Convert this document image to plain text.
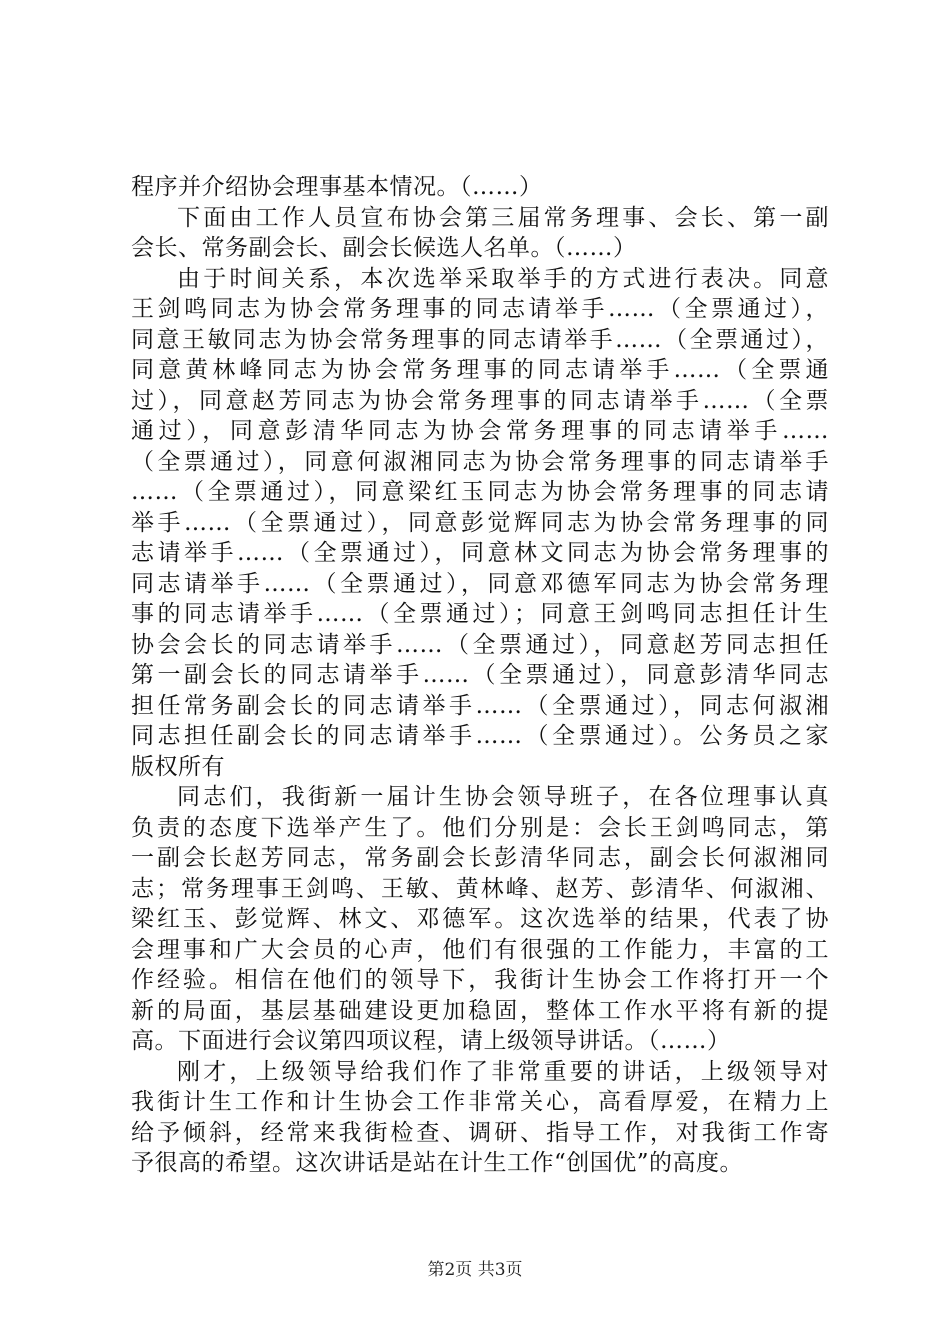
程序并介绍协会理事基本情况。（……）
下面由工作人员宣布协会第三届常务理事、会长、第一副
会长、常务副会长、副会长候选人名单。（……）
由于时间关系，本次选举采取举手的方式进行表决。同意
王剑鸣同志为协会常务理事的同志请举手……（全票通过），
同意王敏同志为协会常务理事的同志请举手……（全票通过），
同意黄林峰同志为协会常务理事的同志请举手……（全票通
过），同意赵芳同志为协会常务理事的同志请举手……（全票
通过），同意彭清华同志为协会常务理事的同志请举手……
（全票通过），同意何淑湘同志为协会常务理事的同志请举手
……（全票通过），同意梁红玉同志为协会常务理事的同志请
举手……（全票通过），同意彭觉辉同志为协会常务理事的同
志请举手……（全票通过），同意林文同志为协会常务理事的
同志请举手……（全票通过），同意邓德军同志为协会常务理
事的同志请举手……（全票通过）；同意王剑鸣同志担任计生
协会会长的同志请举手……（全票通过），同意赵芳同志担任
第一副会长的同志请举手……（全票通过），同意彭清华同志
担任常务副会长的同志请举手……（全票通过），同志何淑湘
同志担任副会长的同志请举手……（全票通过）。公务员之家
版权所有
同志们，我街新一届计生协会领导班子，在各位理事认真
负责的态度下选举产生了。他们分别是：会长王剑鸣同志，第
一副会长赵芳同志，常务副会长彭清华同志，副会长何淑湘同
志；常务理事王剑鸣、王敏、黄林峰、赵芳、彭清华、何淑湘、
梁红玉、彭觉辉、林文、邓德军。这次选举的结果，代表了协
会理事和广大会员的心声，他们有很强的工作能力，丰富的工
作经验。相信在他们的领导下，我街计生协会工作将打开一个
新的局面，基层基础建设更加稳固，整体工作水平将有新的提
高。下面进行会议第四项议程，请上级领导讲话。（……）
刚才，上级领导给我们作了非常重要的讲话，上级领导对
我街计生工作和计生协会工作非常关心，高看厚爱，在精力上
给予倾斜，经常来我街检查、调研、指导工作，对我街工作寄
予很高的希望。这次讲话是站在计生工作“创国优”的高度。
第2页 共3页
